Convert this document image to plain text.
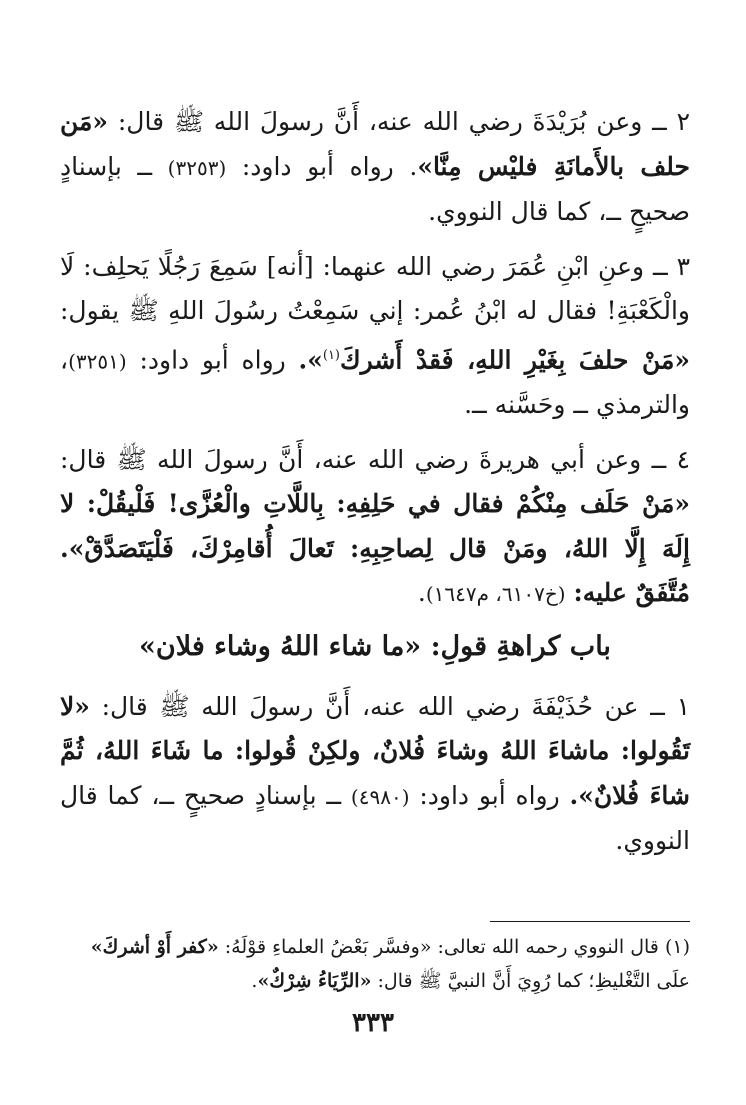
٢ ــ وعن بُرَيْدَةَ رضي الله عنه، أَنَّ رسولَ الله ﷺ قال: «مَن حلف بالأَمانَةِ فليْس مِنَّا». رواه أبو داود: (٣٢٥٣) ــ بإسنادٍ صحيحٍ ــ، كما قال النووي.

٣ ــ وعنِ ابْنِ عُمَرَ رضي الله عنهما: [أنه] سَمِعَ رَجُلًا يَحلِف: لَا والْكَعْبَةِ! فقال له ابْنُ عُمر: إني سَمِعْتُ رسُولَ اللهِ ﷺ يقول: «مَنْ حلفَ بِغَيْرِ اللهِ، فَقدْ أَشركَ$^{(١)}$». رواه أبو داود: (٣٢٥١)، والترمذي ــ وحَسَّنه ــ.

٤ ــ وعن أبي هريرةَ رضي الله عنه، أَنَّ رسولَ الله ﷺ قال: «مَنْ حَلَف مِنْكُمْ فقال في حَلِفِهِ: بِاللَّاتِ والْعُزَّى! فَلْيقُلْ: لا إِلَهَ إِلَّا اللهُ، ومَنْ قال لِصاحِبِهِ: تَعالَ أُقامِرْكَ، فَلْيَتَصَدَّقْ». مُتَّفَقٌ عليه: (خ٦١٠٧، م١٦٤٧).

باب كراهةِ قولِ: «ما شاء اللهُ وشاء فلان»

١ ــ عن حُذَيْفَةَ رضي الله عنه، أَنَّ رسولَ الله ﷺ قال: «لا تَقُولوا: ماشاءَ اللهُ وشاءَ فُلانٌ، ولكِنْ قُولوا: ما شَاءَ اللهُ، ثُمَّ شاءَ فُلانٌ». رواه أبو داود: (٤٩٨٠) ــ بإسنادٍ صحيحٍ ــ، كما قال النووي.

(١) قال النووي رحمه الله تعالى: «وفسَّر بَعْضُ العلماءِ قوْلَهُ: «كفر أَوْ أشركَ» علَى التَّغْليظِ؛ كما رُوِيَ أَنَّ النبيَّ ﷺ قال: «الرِّيَاءُ شِرْكٌ».
٣٣٣
